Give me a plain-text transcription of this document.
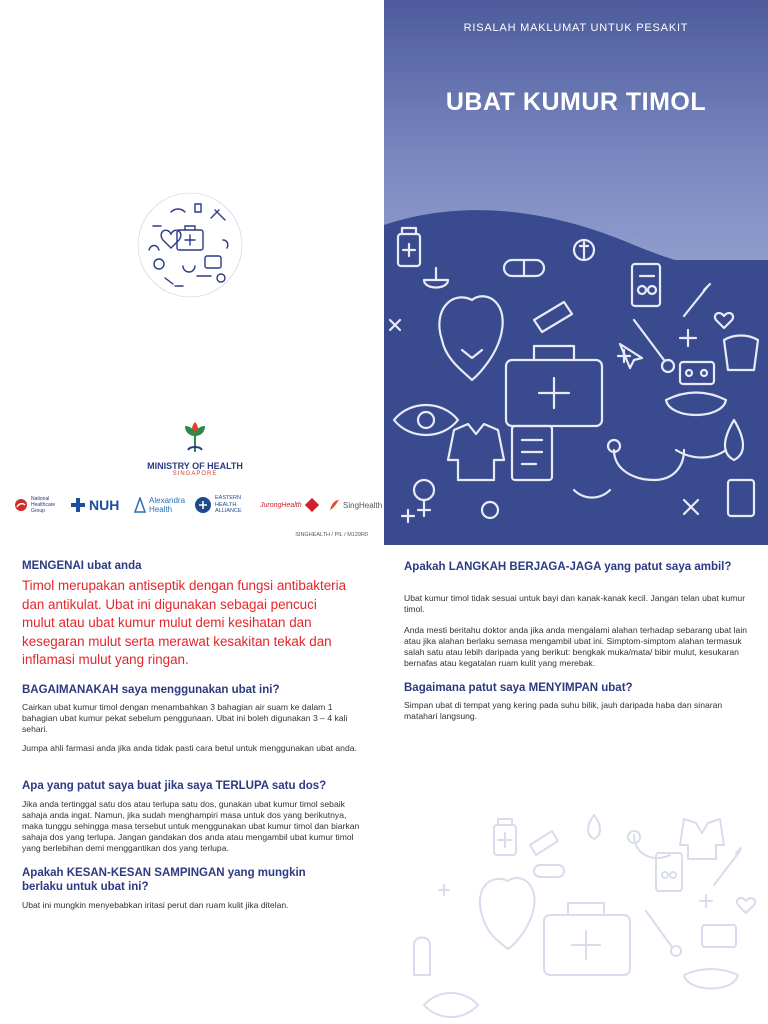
MINISTRY OF HEALTH
SINGAPORE
National Healthcare Group	NUH	Alexandra Health
EASTERN HEALTH ALLIANCE
JurongHealth	SingHealth
SINGHEALTH / PIL / M129R0
RISALAH MAKLUMAT UNTUK PESAKIT
UBAT KUMUR TIMOL
MENGENAI ubat anda
Timol merupakan antiseptik dengan fungsi antibakteria dan antikulat. Ubat ini digunakan sebagai pencuci mulut atau ubat kumur mulut demi kesihatan dan kesegaran mulut serta merawat kesakitan tekak dan inflamasi mulut yang ringan.
BAGAIMANAKAH saya menggunakan ubat ini?
Cairkan ubat kumur timol dengan menambahkan 3 bahagian air suam ke dalam 1 bahagian ubat kumur pekat sebelum penggunaan. Ubat ini boleh digunakan 3 – 4 kali sehari.
Jumpa ahli farmasi anda jika anda tidak pasti cara betul untuk menggunakan ubat anda.
Apa yang patut saya buat jika saya TERLUPA satu dos?
Jika anda tertinggal satu dos atau terlupa satu dos, gunakan ubat kumur timol sebaik sahaja anda ingat. Namun, jika sudah menghampiri masa untuk dos yang berikutnya, maka tunggu sehingga masa tersebut untuk menggunakan ubat kumur timol dan biarkan sahaja dos yang terlupa. Jangan gandakan dos anda atau mengambil ubat kumur timol yang berlebihan demi menggantikan dos yang terlupa.
Apakah KESAN-KESAN SAMPINGAN yang mungkin berlaku untuk ubat ini?
Ubat ini mungkin menyebabkan iritasi perut dan ruam kulit jika ditelan.
Apakah LANGKAH BERJAGA-JAGA yang patut saya ambil?
Ubat kumur timol tidak sesuai untuk bayi dan kanak-kanak kecil. Jangan telan ubat kumur timol.
Anda mesti beritahu doktor anda jika anda mengalami alahan terhadap sebarang ubat lain atau jika alahan berlaku semasa mengambil ubat ini. Simptom-simptom alahan termasuk salah satu atau lebih daripada yang berikut: bengkak muka/mata/ bibir mulut, kesukaran bernafas atau kegatalan ruam kulit yang merebak.
Bagaimana patut saya MENYIMPAN ubat?
Simpan ubat di tempat yang kering pada suhu bilik, jauh daripada haba dan sinaran matahari langsung.
